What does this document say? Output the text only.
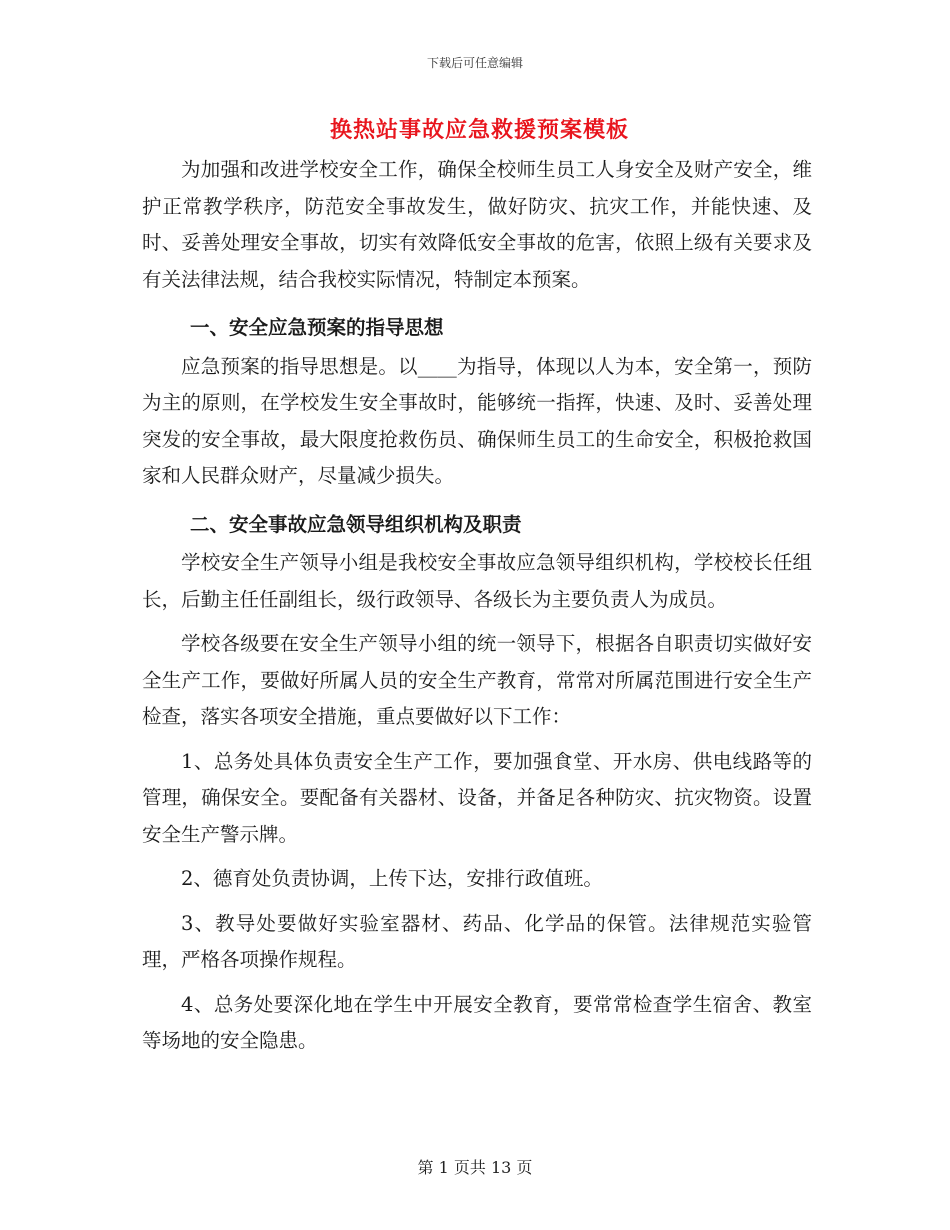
下载后可任意编辑
换热站事故应急救援预案模板

为加强和改进学校安全工作，确保全校师生员工人身安全及财产安全，维护正常教学秩序，防范安全事故发生，做好防灾、抗灾工作，并能快速、及时、妥善处理安全事故，切实有效降低安全事故的危害，依照上级有关要求及有关法律法规，结合我校实际情况，特制定本预案。

一、安全应急预案的指导思想

应急预案的指导思想是。以____为指导，体现以人为本，安全第一，预防为主的原则，在学校发生安全事故时，能够统一指挥，快速、及时、妥善处理突发的安全事故，最大限度抢救伤员、确保师生员工的生命安全，积极抢救国家和人民群众财产，尽量减少损失。

二、安全事故应急领导组织机构及职责

学校安全生产领导小组是我校安全事故应急领导组织机构，学校校长任组长，后勤主任任副组长，级行政领导、各级长为主要负责人为成员。

学校各级要在安全生产领导小组的统一领导下，根据各自职责切实做好安全生产工作，要做好所属人员的安全生产教育，常常对所属范围进行安全生产检查，落实各项安全措施，重点要做好以下工作：

1、总务处具体负责安全生产工作，要加强食堂、开水房、供电线路等的管理，确保安全。要配备有关器材、设备，并备足各种防灾、抗灾物资。设置安全生产警示牌。

2、德育处负责协调，上传下达，安排行政值班。

3、教导处要做好实验室器材、药品、化学品的保管。法律规范实验管理，严格各项操作规程。

4、总务处要深化地在学生中开展安全教育，要常常检查学生宿舍、教室等场地的安全隐患。

第 1 页共 13 页
